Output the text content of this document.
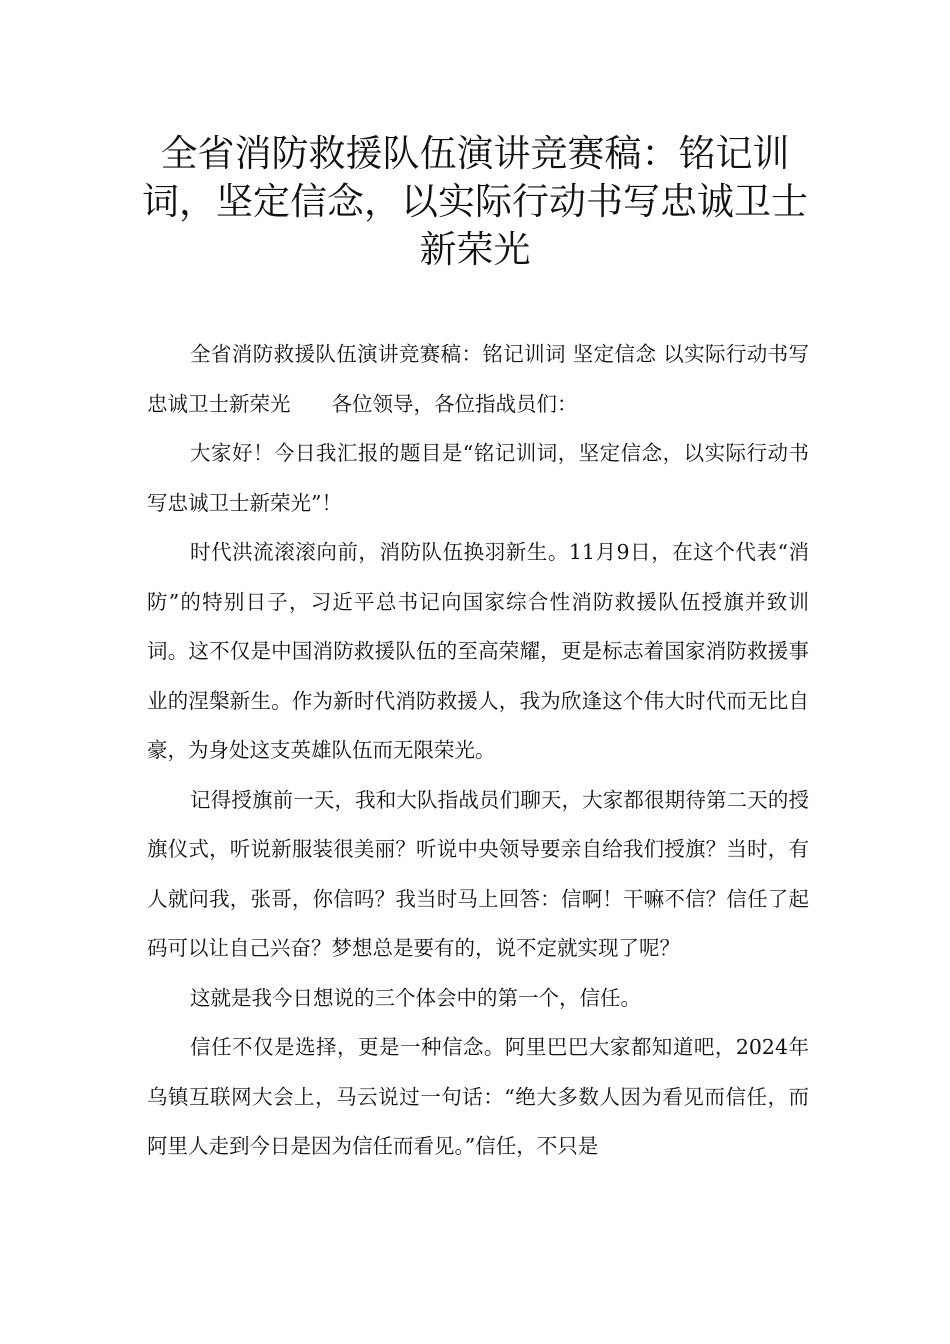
全省消防救援队伍演讲竞赛稿：铭记训词，坚定信念，以实际行动书写忠诚卫士新荣光

全省消防救援队伍演讲竞赛稿：铭记训词 坚定信念 以实际行动书写忠诚卫士新荣光　　各位领导，各位指战员们：

大家好！今日我汇报的题目是“铭记训词，坚定信念，以实际行动书写忠诚卫士新荣光”！

时代洪流滚滚向前，消防队伍换羽新生。11月9日，在这个代表“消防”的特别日子，习近平总书记向国家综合性消防救援队伍授旗并致训词。这不仅是中国消防救援队伍的至高荣耀，更是标志着国家消防救援事业的涅槃新生。作为新时代消防救援人，我为欣逢这个伟大时代而无比自豪，为身处这支英雄队伍而无限荣光。

记得授旗前一天，我和大队指战员们聊天，大家都很期待第二天的授旗仪式，听说新服装很美丽？听说中央领导要亲自给我们授旗？当时，有人就问我，张哥，你信吗？我当时马上回答：信啊！干嘛不信？信任了起码可以让自己兴奋？梦想总是要有的，说不定就实现了呢？

这就是我今日想说的三个体会中的第一个，信任。

信任不仅是选择，更是一种信念。阿里巴巴大家都知道吧，2024年乌镇互联网大会上，马云说过一句话：“绝大多数人因为看见而信任，而阿里人走到今日是因为信任而看见。”信任，不只是
